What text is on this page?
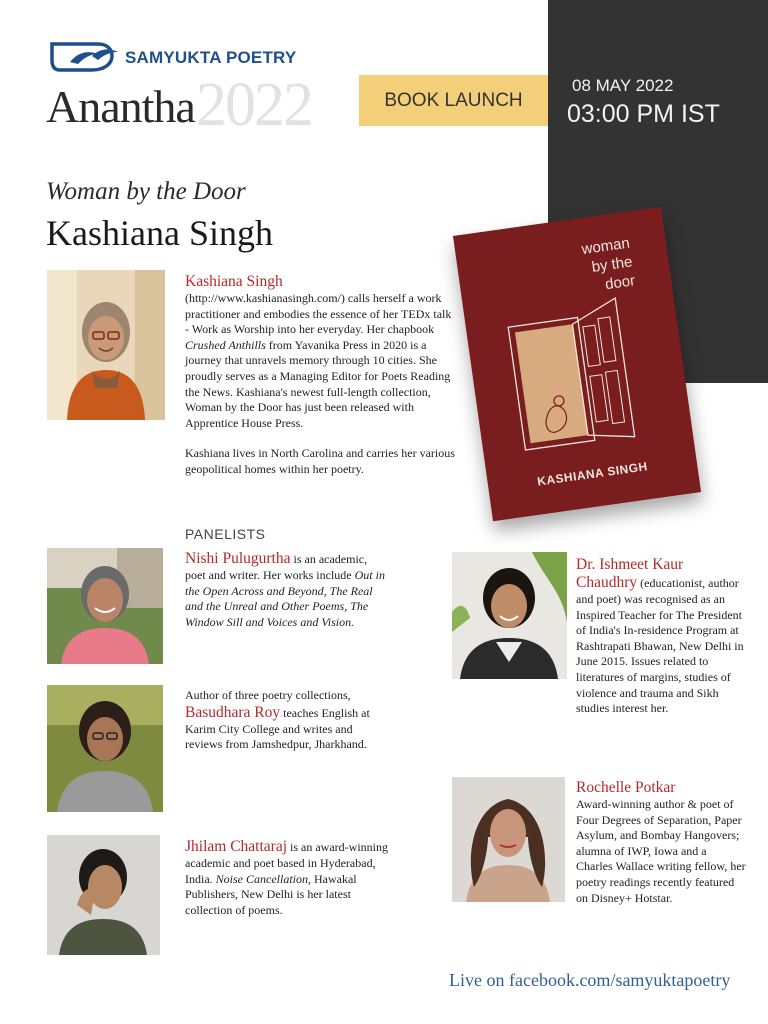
SAMYUKTA POETRY
2022
Anantha	BOOK LAUNCH
08 MAY 2022
03:00 PM IST
Woman by the Door
Kashiana Singh

Kashiana Singh
(http://www.kashianasingh.com/) calls herself a work practitioner and embodies the essence of her TEDx talk - Work as Worship into her everyday. Her chapbook Crushed Anthills from Yavanika Press in 2020 is a journey that unravels memory through 10 cities. She proudly serves as a Managing Editor for Poets Reading the News. Kashiana's newest full-length collection, Woman by the Door has just been released with Apprentice House Press.

Kashiana lives in North Carolina and carries her various geopolitical homes within her poetry.

woman
by the
door
KASHIANA SINGH
PANELISTS
Nishi Pulugurtha is an academic, poet and writer. Her works include Out in the Open Across and Beyond, The Real and the Unreal and Other Poems, The Window Sill and Voices and Vision.
Author of three poetry collections, Basudhara Roy teaches English at Karim City College and writes and reviews from Jamshedpur, Jharkhand.
Jhilam Chattaraj is an award-winning academic and poet based in Hyderabad, India. Noise Cancellation, Hawakal Publishers, New Delhi is her latest collection of poems.
Dr. Ishmeet Kaur Chaudhry (educationist, author and poet) was recognised as an Inspired Teacher for The President of India's In-residence Program at Rashtrapati Bhawan, New Delhi in June 2015. Issues related to literatures of margins, studies of violence and trauma and Sikh studies interest her.
Rochelle Potkar
Award-winning author & poet of Four Degrees of Separation, Paper Asylum, and Bombay Hangovers; alumna of IWP, Iowa and a Charles Wallace writing fellow, her poetry readings recently featured on Disney+ Hotstar.
Live on facebook.com/samyuktapoetry
